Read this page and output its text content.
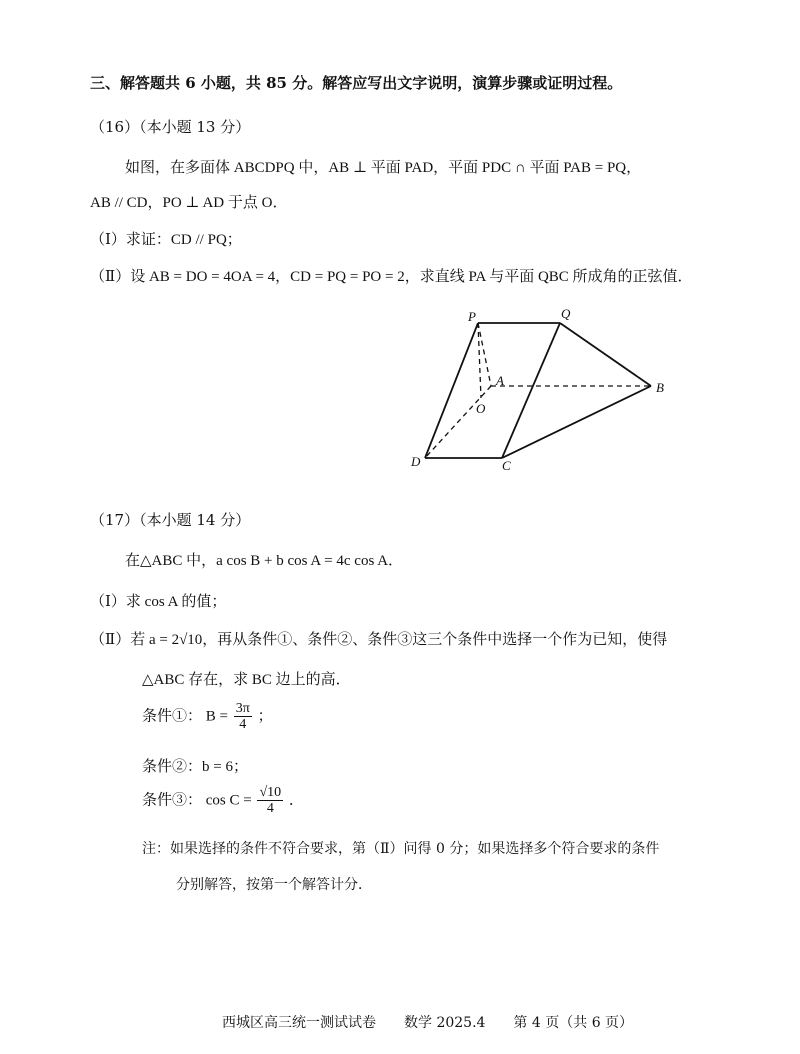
三、解答题共 6 小题，共 85 分。解答应写出文字说明，演算步骤或证明过程。
（16）（本小题 13 分）
如图，在多面体 ABCDPQ 中，AB ⊥ 平面 PAD，平面 PDC ∩ 平面 PAB = PQ，
AB // CD，PO ⊥ AD 于点 O．
（Ⅰ）求证：CD // PQ；
（Ⅱ）设 AB = DO = 4OA = 4，CD = PQ = PO = 2，求直线 PA 与平面 QBC 所成角的正弦值．
P	Q
A
O
B
D	C
（17）（本小题 14 分）
在△ABC 中，a cos B + b cos A = 4c cos A．
（Ⅰ）求 cos A 的值；
（Ⅱ）若 a = 2√10，再从条件①、条件②、条件③这三个条件中选择一个作为已知，使得
△ABC 存在，求 BC 边上的高．
条件①： $B = \frac{3\pi}{4}$ ；
条件②：b = 6；
条件③： $\cos C = \frac{√10}{4}$ ．
注：如果选择的条件不符合要求，第（Ⅱ）问得 0 分；如果选择多个符合要求的条件
分别解答，按第一个解答计分．
西城区高三统一测试试卷　　数学 2025.4　　第 4 页（共 6 页）
